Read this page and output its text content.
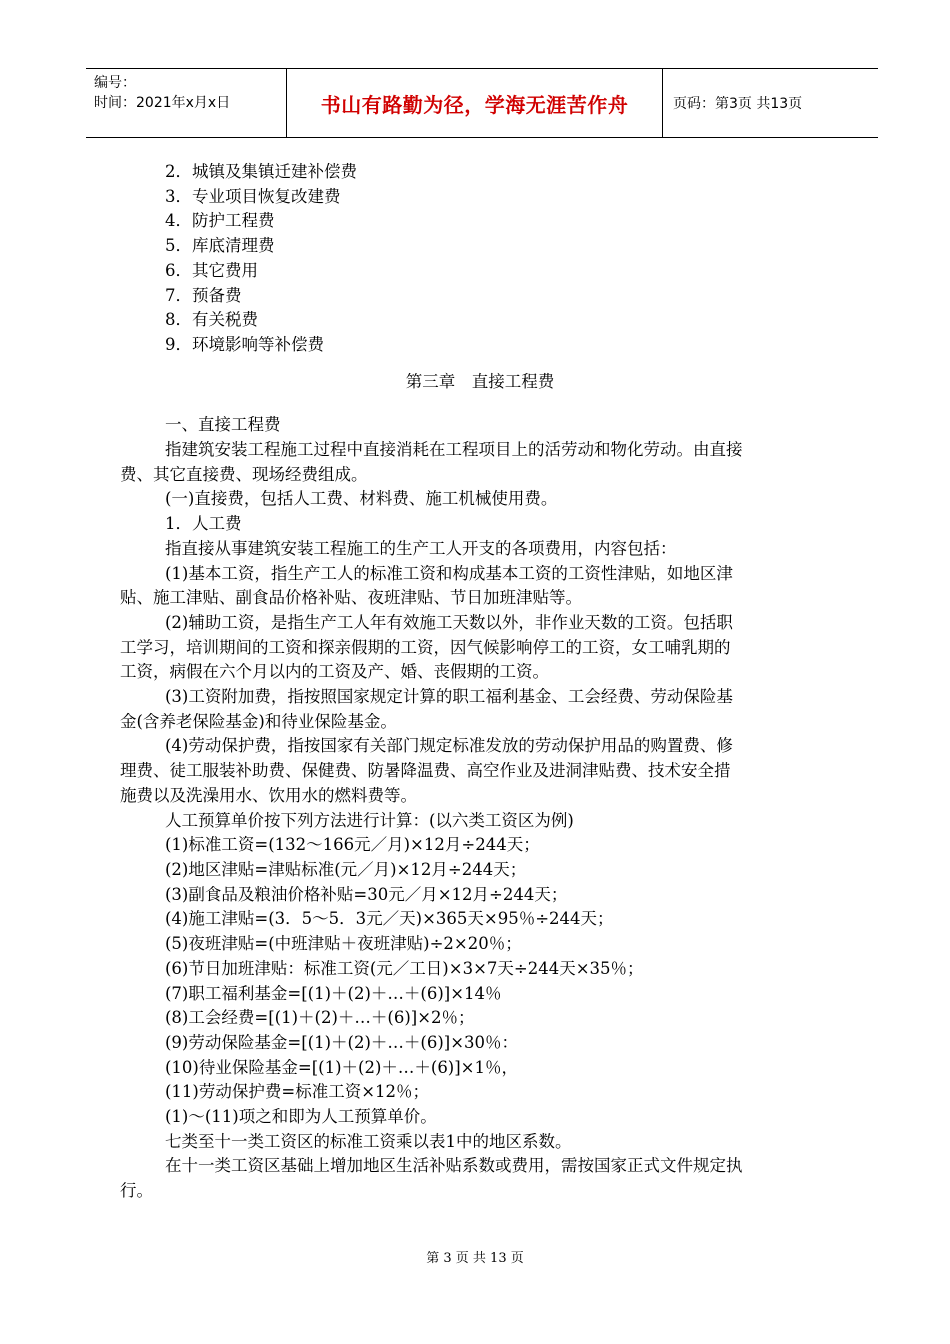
编号：
时间：2021年x月x日	书山有路勤为径，学海无涯苦作舟	页码：第3页 共13页
2．城镇及集镇迁建补偿费
3．专业项目恢复改建费
4．防护工程费
5．库底清理费
6．其它费用
7．预备费
8．有关税费
9．环境影响等补偿费
第三章　直接工程费
一、直接工程费
指建筑安装工程施工过程中直接消耗在工程项目上的活劳动和物化劳动。由直接
费、其它直接费、现场经费组成。
(一)直接费，包括人工费、材料费、施工机械使用费。
1．人工费
指直接从事建筑安装工程施工的生产工人开支的各项费用，内容包括：
(1)基本工资，指生产工人的标准工资和构成基本工资的工资性津贴，如地区津
贴、施工津贴、副食品价格补贴、夜班津贴、节日加班津贴等。
(2)辅助工资，是指生产工人年有效施工天数以外，非作业天数的工资。包括职
工学习，培训期间的工资和探亲假期的工资，因气候影响停工的工资，女工哺乳期的
工资，病假在六个月以内的工资及产、婚、丧假期的工资。
(3)工资附加费，指按照国家规定计算的职工福利基金、工会经费、劳动保险基
金(含养老保险基金)和待业保险基金。
(4)劳动保护费，指按国家有关部门规定标准发放的劳动保护用品的购置费、修
理费、徒工服装补助费、保健费、防暑降温费、高空作业及进洞津贴费、技术安全措
施费以及洗澡用水、饮用水的燃料费等。
人工预算单价按下列方法进行计算：(以六类工资区为例)
(1)标准工资=(132～166元／月)×12月÷244天；
(2)地区津贴=津贴标准(元／月)×12月÷244天；
(3)副食品及粮油价格补贴=30元／月×12月÷244天；
(4)施工津贴=(3．5～5．3元／天)×365天×95％÷244天；
(5)夜班津贴=(中班津贴＋夜班津贴)÷2×20％；
(6)节日加班津贴：标准工资(元／工日)×3×7天÷244天×35％；
(7)职工福利基金=[(1)＋(2)＋…＋(6)]×14％
(8)工会经费=[(1)＋(2)＋…＋(6)]×2％；
(9)劳动保险基金=[(1)＋(2)＋…＋(6)]×30％：
(10)待业保险基金=[(1)＋(2)＋…＋(6)]×1％，
(11)劳动保护费=标准工资×12％；
(1)～(11)项之和即为人工预算单价。
七类至十一类工资区的标准工资乘以表1中的地区系数。
在十一类工资区基础上增加地区生活补贴系数或费用，需按国家正式文件规定执
行。
第 3 页 共 13 页
